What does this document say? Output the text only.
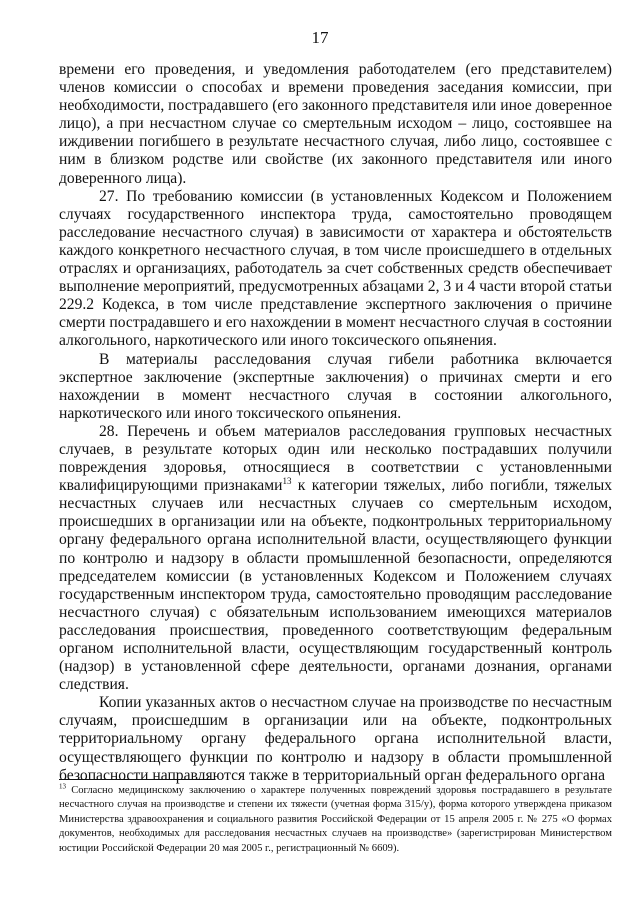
17

времени его проведения, и уведомления работодателем (его представителем) членов комиссии о способах и времени проведения заседания комиссии, при необходимости, пострадавшего (его законного представителя или иное доверенное лицо), а при несчастном случае со смертельным исходом – лицо, состоявшее на иждивении погибшего в результате несчастного случая, либо лицо, состоявшее с ним в близком родстве или свойстве (их законного представителя или иного доверенного лица).

27. По требованию комиссии (в установленных Кодексом и Положением случаях государственного инспектора труда, самостоятельно проводящем расследование несчастного случая) в зависимости от характера и обстоятельств каждого конкретного несчастного случая, в том числе происшедшего в отдельных отраслях и организациях, работодатель за счет собственных средств обеспечивает выполнение мероприятий, предусмотренных абзацами 2, 3 и 4 части второй статьи 229.2 Кодекса, в том числе представление экспертного заключения о причине смерти пострадавшего и его нахождении в момент несчастного случая в состоянии алкогольного, наркотического или иного токсического опьянения.

В материалы расследования случая гибели работника включается экспертное заключение (экспертные заключения) о причинах смерти и его нахождении в момент несчастного случая в состоянии алкогольного, наркотического или иного токсического опьянения.

28. Перечень и объем материалов расследования групповых несчастных случаев, в результате которых один или несколько пострадавших получили повреждения здоровья, относящиеся в соответствии с установленными квалифицирующими признаками$^{13}$ к категории тяжелых, либо погибли, тяжелых несчастных случаев или несчастных случаев со смертельным исходом, происшедших в организации или на объекте, подконтрольных территориальному органу федерального органа исполнительной власти, осуществляющего функции по контролю и надзору в области промышленной безопасности, определяются председателем комиссии (в установленных Кодексом и Положением случаях государственным инспектором труда, самостоятельно проводящим расследование несчастного случая) с обязательным использованием имеющихся материалов расследования происшествия, проведенного соответствующим федеральным органом исполнительной власти, осуществляющим государственный контроль (надзор) в установленной сфере деятельности, органами дознания, органами следствия.

Копии указанных актов о несчастном случае на производстве по несчастным случаям, происшедшим в организации или на объекте, подконтрольных территориальному органу федерального органа исполнительной власти, осуществляющего функции по контролю и надзору в области промышленной безопасности направляются также в территориальный орган федерального органа

$^{13}$ Согласно медицинскому заключению о характере полученных повреждений здоровья пострадавшего в результате несчастного случая на производстве и степени их тяжести (учетная форма 315/у), форма которого утверждена приказом Министерства здравоохранения и социального развития Российской Федерации от 15 апреля 2005 г. № 275 «О формах документов, необходимых для расследования несчастных случаев на производстве» (зарегистрирован Министерством юстиции Российской Федерации 20 мая 2005 г., регистрационный № 6609).
